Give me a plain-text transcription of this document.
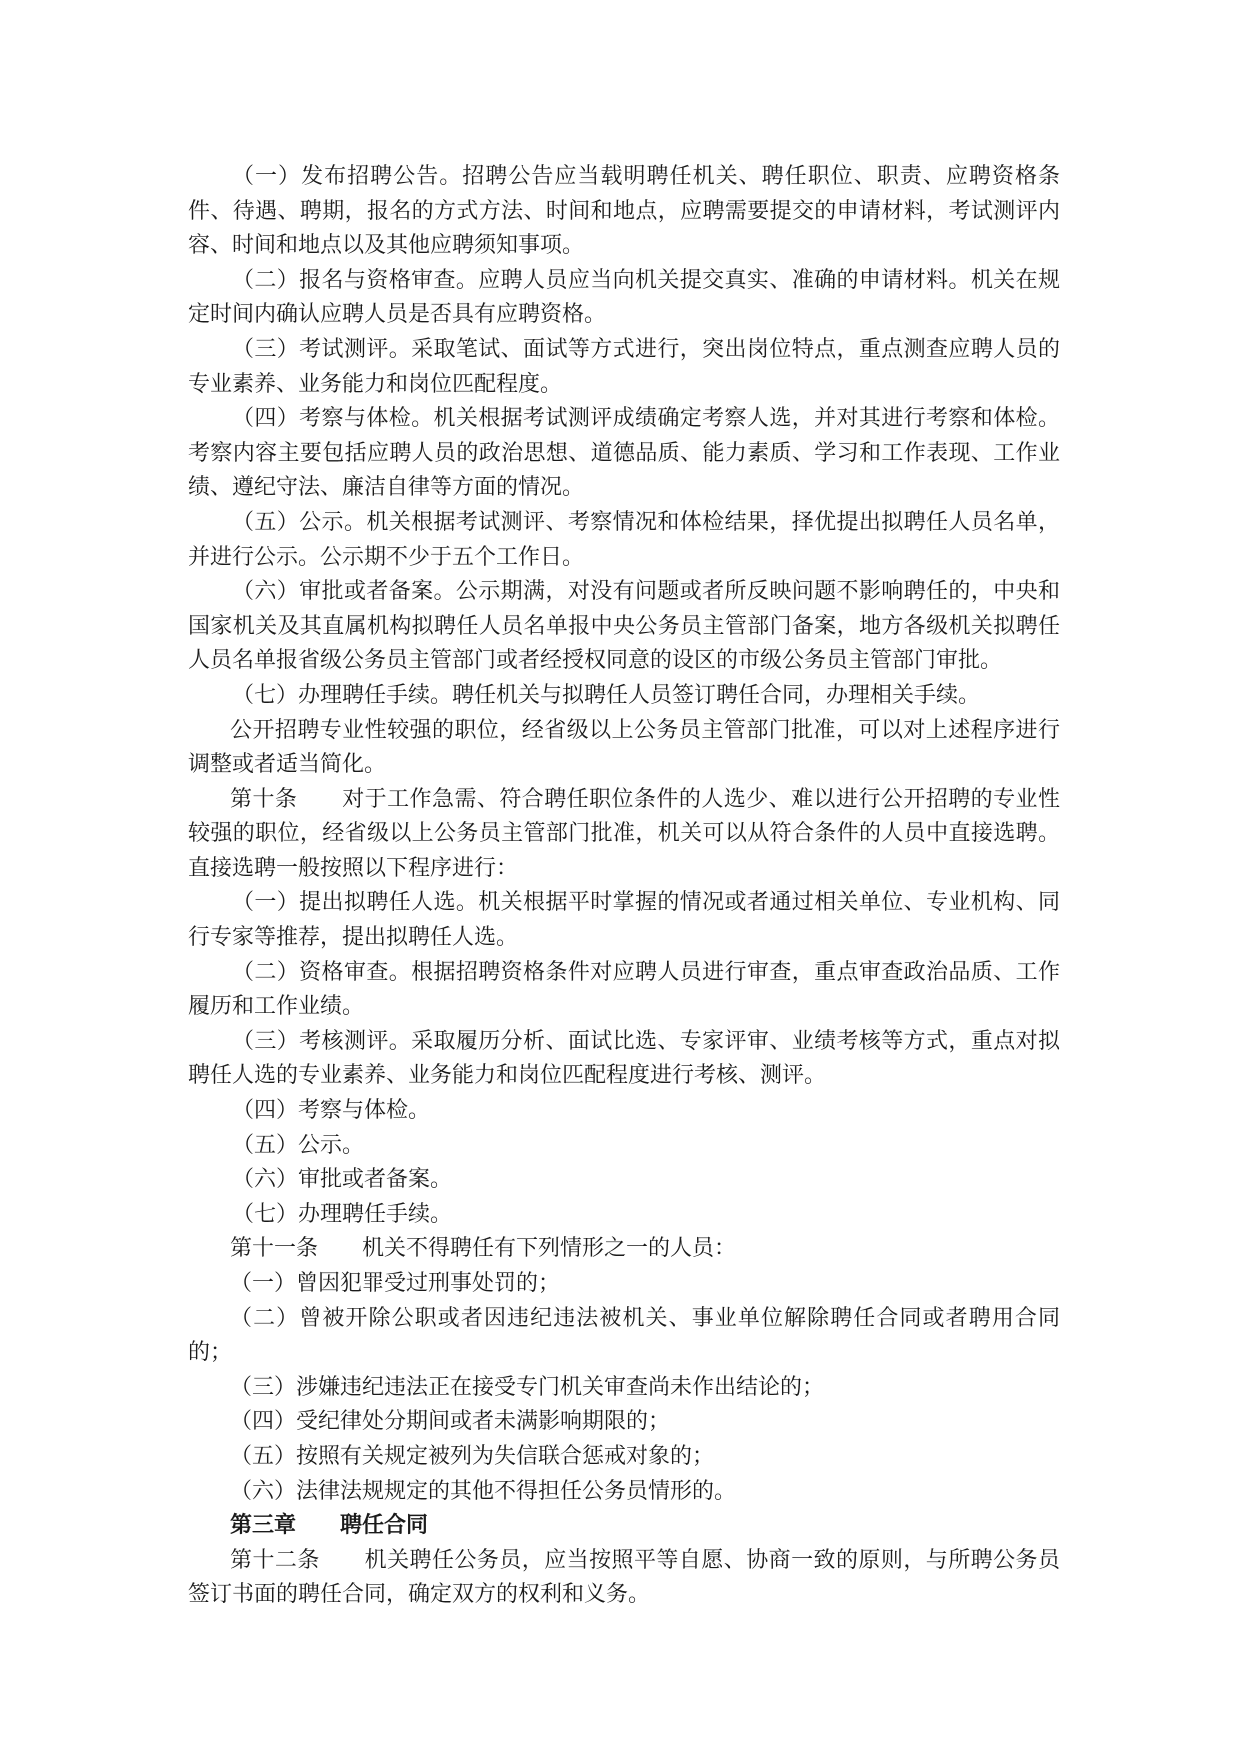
（一）发布招聘公告。招聘公告应当载明聘任机关、聘任职位、职责、应聘资格条件、待遇、聘期，报名的方式方法、时间和地点，应聘需要提交的申请材料，考试测评内容、时间和地点以及其他应聘须知事项。

（二）报名与资格审查。应聘人员应当向机关提交真实、准确的申请材料。机关在规定时间内确认应聘人员是否具有应聘资格。

（三）考试测评。采取笔试、面试等方式进行，突出岗位特点，重点测查应聘人员的专业素养、业务能力和岗位匹配程度。

（四）考察与体检。机关根据考试测评成绩确定考察人选，并对其进行考察和体检。考察内容主要包括应聘人员的政治思想、道德品质、能力素质、学习和工作表现、工作业绩、遵纪守法、廉洁自律等方面的情况。

（五）公示。机关根据考试测评、考察情况和体检结果，择优提出拟聘任人员名单，并进行公示。公示期不少于五个工作日。

（六）审批或者备案。公示期满，对没有问题或者所反映问题不影响聘任的，中央和国家机关及其直属机构拟聘任人员名单报中央公务员主管部门备案，地方各级机关拟聘任人员名单报省级公务员主管部门或者经授权同意的设区的市级公务员主管部门审批。

（七）办理聘任手续。聘任机关与拟聘任人员签订聘任合同，办理相关手续。

公开招聘专业性较强的职位，经省级以上公务员主管部门批准，可以对上述程序进行调整或者适当简化。

第十条　　对于工作急需、符合聘任职位条件的人选少、难以进行公开招聘的专业性较强的职位，经省级以上公务员主管部门批准，机关可以从符合条件的人员中直接选聘。直接选聘一般按照以下程序进行：

（一）提出拟聘任人选。机关根据平时掌握的情况或者通过相关单位、专业机构、同行专家等推荐，提出拟聘任人选。

（二）资格审查。根据招聘资格条件对应聘人员进行审查，重点审查政治品质、工作履历和工作业绩。

（三）考核测评。采取履历分析、面试比选、专家评审、业绩考核等方式，重点对拟聘任人选的专业素养、业务能力和岗位匹配程度进行考核、测评。

（四）考察与体检。

（五）公示。

（六）审批或者备案。

（七）办理聘任手续。

第十一条　　机关不得聘任有下列情形之一的人员：

（一）曾因犯罪受过刑事处罚的；

（二）曾被开除公职或者因违纪违法被机关、事业单位解除聘任合同或者聘用合同的；

（三）涉嫌违纪违法正在接受专门机关审查尚未作出结论的；

（四）受纪律处分期间或者未满影响期限的；

（五）按照有关规定被列为失信联合惩戒对象的；

（六）法律法规规定的其他不得担任公务员情形的。

第三章　　聘任合同

第十二条　　机关聘任公务员，应当按照平等自愿、协商一致的原则，与所聘公务员签订书面的聘任合同，确定双方的权利和义务。
